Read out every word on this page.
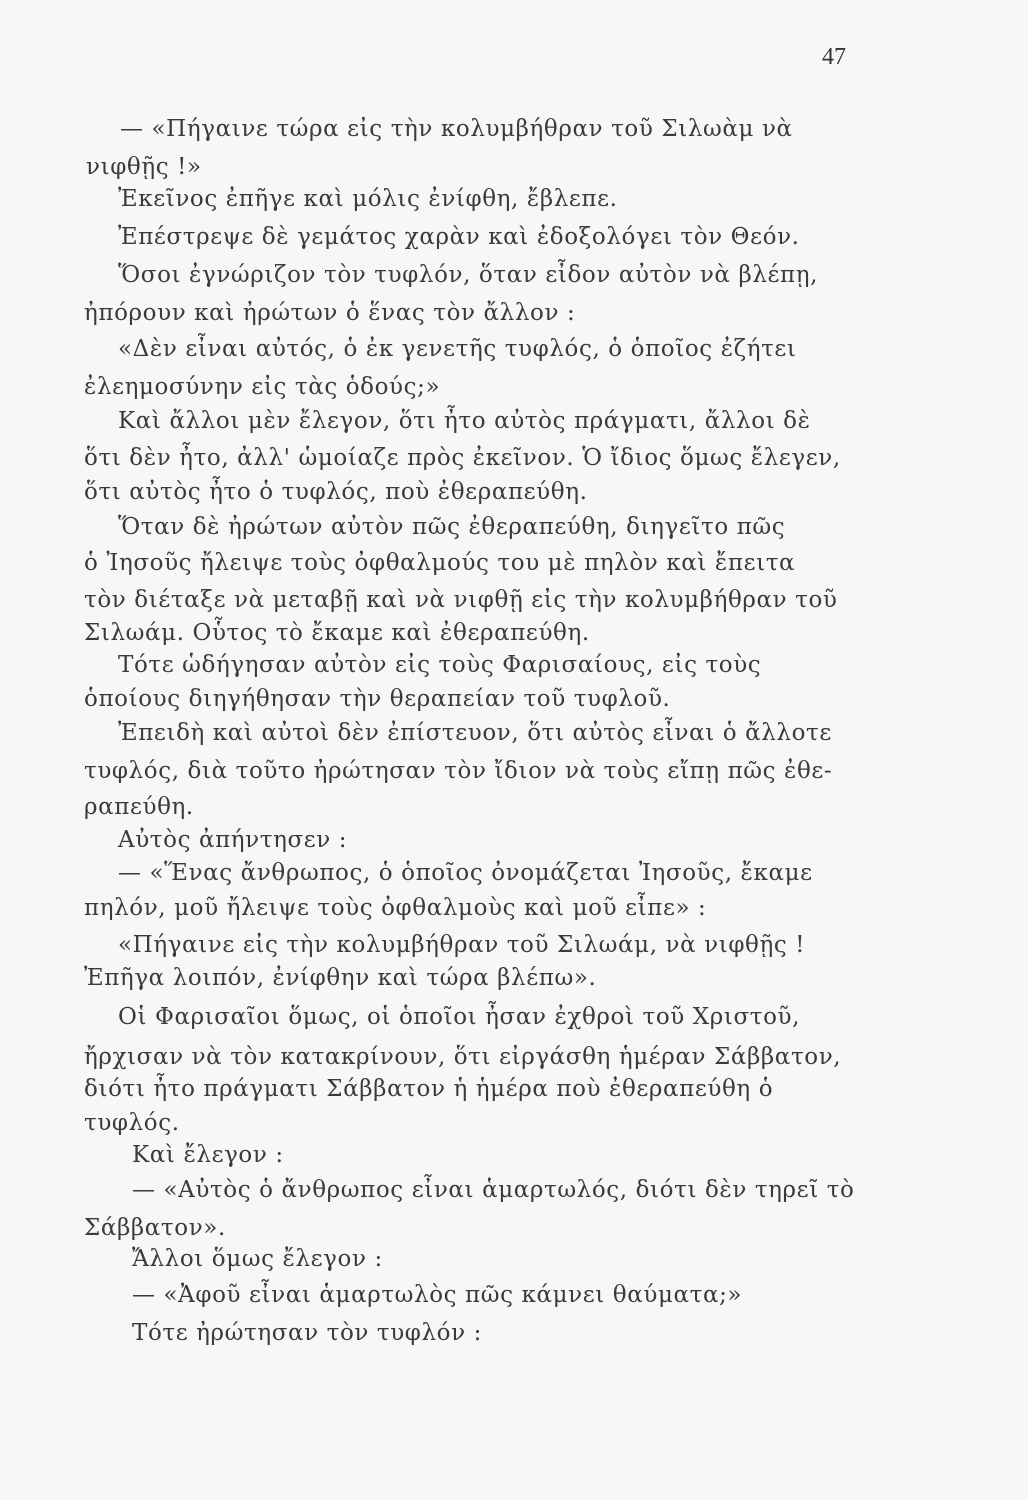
47
— «Πήγαινε τώρα εἰς τὴν κολυμβήθραν τοῦ Σιλωὰμ νὰ
νιφθῇς !»
Ἐκεῖνος ἐπῆγε καὶ μόλις ἐνίφθη, ἔβλεπε.
Ἐπέστρεψε δὲ γεμάτος χαρὰν καὶ ἐδοξολόγει τὸν Θεόν.
Ὅσοι ἐγνώριζον τὸν τυφλόν, ὅταν εἶδον αὐτὸν νὰ βλέπῃ,
ἠπόρουν καὶ ἠρώτων ὁ ἕνας τὸν ἄλλον :
«Δὲν εἶναι αὐτός, ὁ ἐκ γενετῆς τυφλός, ὁ ὁποῖος ἐζήτει
ἐλεημοσύνην εἰς τὰς ὁδούς;»
Καὶ ἄλλοι μὲν ἔλεγον, ὅτι ἦτο αὐτὸς πράγματι, ἄλλοι δὲ
ὅτι δὲν ἦτο, ἀλλ' ὡμοίαζε πρὸς ἐκεῖνον. Ὁ ἴδιος ὅμως ἔλεγεν,
ὅτι αὐτὸς ἦτο ὁ τυφλός, ποὺ ἐθεραπεύθη.
Ὅταν δὲ ἠρώτων αὐτὸν πῶς ἐθεραπεύθη, διηγεῖτο πῶς
ὁ Ἰησοῦς ἤλειψε τοὺς ὀφθαλμούς του μὲ πηλὸν καὶ ἔπειτα
τὸν διέταξε νὰ μεταβῇ καὶ νὰ νιφθῇ εἰς τὴν κολυμβήθραν τοῦ
Σιλωάμ. Οὗτος τὸ ἔκαμε καὶ ἐθεραπεύθη.
Τότε ὡδήγησαν αὐτὸν εἰς τοὺς Φαρισαίους, εἰς τοὺς
ὁποίους διηγήθησαν τὴν θεραπείαν τοῦ τυφλοῦ.
Ἐπειδὴ καὶ αὐτοὶ δὲν ἐπίστευον, ὅτι αὐτὸς εἶναι ὁ ἄλλοτε
τυφλός, διὰ τοῦτο ἠρώτησαν τὸν ἴδιον νὰ τοὺς εἴπῃ πῶς ἐθε-
ραπεύθη.
Αὐτὸς ἀπήντησεν :
— «Ἕνας ἄνθρωπος, ὁ ὁποῖος ὀνομάζεται Ἰησοῦς, ἔκαμε
πηλόν, μοῦ ἤλειψε τοὺς ὀφθαλμοὺς καὶ μοῦ εἶπε» :
«Πήγαινε εἰς τὴν κολυμβήθραν τοῦ Σιλωάμ, νὰ νιφθῇς !
Ἐπῆγα λοιπόν, ἐνίφθην καὶ τώρα βλέπω».
Οἱ Φαρισαῖοι ὅμως, οἱ ὁποῖοι ἦσαν ἐχθροὶ τοῦ Χριστοῦ,
ἤρχισαν νὰ τὸν κατακρίνουν, ὅτι εἰργάσθη ἡμέραν Σάββατον,
διότι ἦτο πράγματι Σάββατον ἡ ἡμέρα ποὺ ἐθεραπεύθη ὁ
τυφλός.
Καὶ ἔλεγον :
— «Αὐτὸς ὁ ἄνθρωπος εἶναι ἁμαρτωλός, διότι δὲν τηρεῖ τὸ
Σάββατον».
Ἄλλοι ὅμως ἔλεγον :
— «Ἀφοῦ εἶναι ἁμαρτωλὸς πῶς κάμνει θαύματα;»
Τότε ἠρώτησαν τὸν τυφλόν :
